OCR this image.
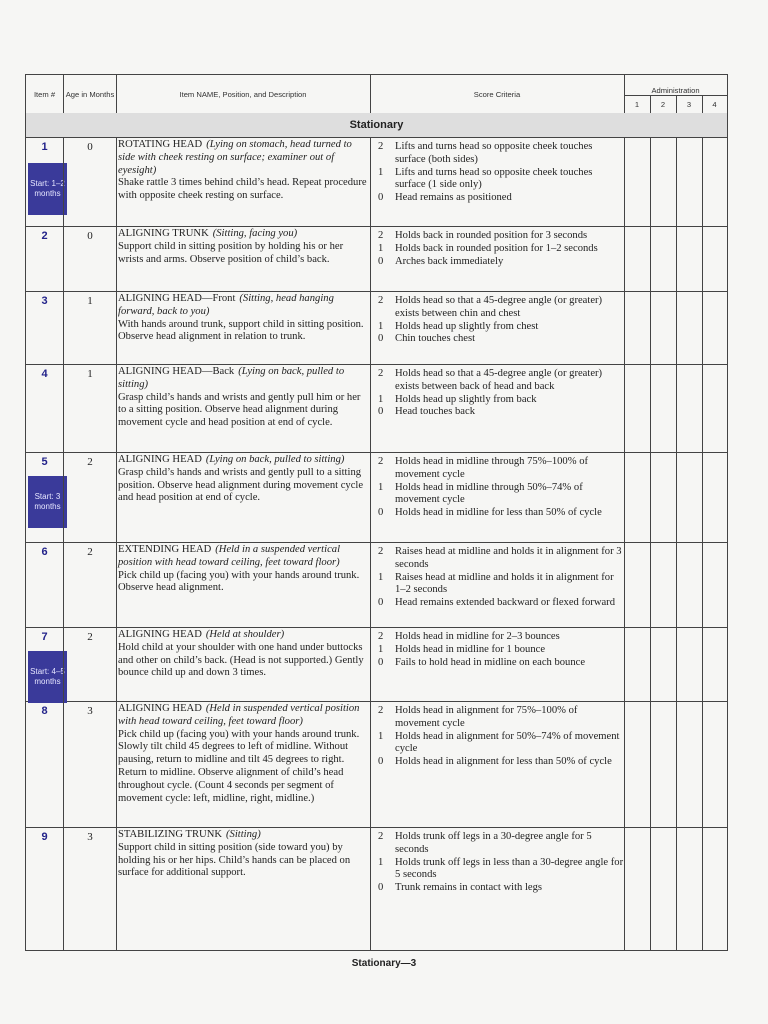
Item #	Age in Months	Item NAME, Position, and Description	Score Criteria	Administration
1	2	3	4
Stationary
1
Start: 1–2 months
0	ROTATING HEAD (Lying on stomach, head turned to side with cheek resting on surface; examiner out of eyesight)
Shake rattle 3 times behind child’s head. Repeat procedure with opposite cheek resting on surface.
2	Lifts and turns head so opposite cheek touches surface (both sides)
1	Lifts and turns head so opposite cheek touches surface (1 side only)
0	Head remains as positioned
2	0	ALIGNING TRUNK (Sitting, facing you)
Support child in sitting position by holding his or her wrists and arms. Observe position of child’s back.
2	Holds back in rounded position for 3 seconds
1	Holds back in rounded position for 1–2 seconds
0	Arches back immediately
3	1	ALIGNING HEAD—Front (Sitting, head hanging forward, back to you)
With hands around trunk, support child in sitting position. Observe head alignment in relation to trunk.
2	Holds head so that a 45-degree angle (or greater) exists between chin and chest
1	Holds head up slightly from chest
0	Chin touches chest
4	1	ALIGNING HEAD—Back (Lying on back, pulled to sitting)
Grasp child’s hands and wrists and gently pull him or her to a sitting position. Observe head alignment during movement cycle and head position at end of cycle.
2	Holds head so that a 45-degree angle (or greater) exists between back of head and back
1	Holds head up slightly from back
0	Head touches back
5
Start: 3 months
2	ALIGNING HEAD (Lying on back, pulled to sitting)
Grasp child’s hands and wrists and gently pull to a sitting position. Observe head alignment during movement cycle and head position at end of cycle.
2	Holds head in midline through 75%–100% of movement cycle
1	Holds head in midline through 50%–74% of movement cycle
0	Holds head in midline for less than 50% of cycle
6	2	EXTENDING HEAD (Held in a suspended vertical position with head toward ceiling, feet toward floor)
Pick child up (facing you) with your hands around trunk. Observe head alignment.
2	Raises head at midline and holds it in alignment for 3 seconds
1	Raises head at midline and holds it in alignment for 1–2 seconds
0	Head remains extended backward or flexed forward
7
Start: 4–5 months
2	ALIGNING HEAD (Held at shoulder)
Hold child at your shoulder with one hand under buttocks and other on child’s back. (Head is not supported.) Gently bounce child up and down 3 times.
2	Holds head in midline for 2–3 bounces
1	Holds head in midline for 1 bounce
0	Fails to hold head in midline on each bounce
8	3	ALIGNING HEAD (Held in suspended vertical position with head toward ceiling, feet toward floor)
Pick child up (facing you) with your hands around trunk. Slowly tilt child 45 degrees to left of midline. Without pausing, return to midline and tilt 45 degrees to right. Return to midline. Observe alignment of child’s head throughout cycle. (Count 4 seconds per segment of movement cycle: left, midline, right, midline.)
2	Holds head in alignment for 75%–100% of movement cycle
1	Holds head in alignment for 50%–74% of movement cycle
0	Holds head in alignment for less than 50% of cycle
9	3	STABILIZING TRUNK (Sitting)
Support child in sitting position (side toward you) by holding his or her hips. Child’s hands can be placed on surface for additional support.
2	Holds trunk off legs in a 30-degree angle for 5 seconds
1	Holds trunk off legs in less than a 30-degree angle for 5 seconds
0	Trunk remains in contact with legs
Stationary—3
